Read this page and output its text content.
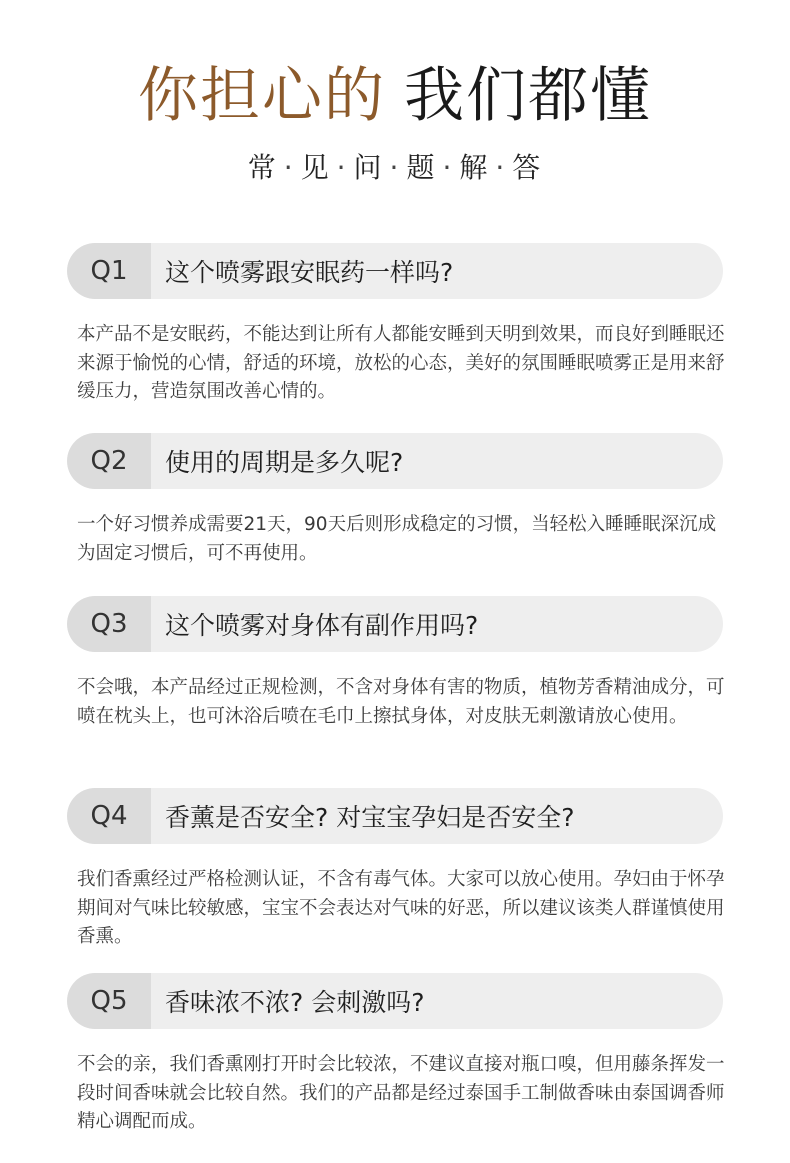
你担心的 我们都懂
常 · 见 · 问 · 题 · 解 · 答
Q1	这个喷雾跟安眠药一样吗?
本产品不是安眠药，不能达到让所有人都能安睡到天明到效果，而良好到睡眠还来源于愉悦的心情，舒适的环境，放松的心态，美好的氛围睡眠喷雾正是用来舒缓压力，营造氛围改善心情的。
Q2	使用的周期是多久呢?
一个好习惯养成需要21天，90天后则形成稳定的习惯，当轻松入睡睡眠深沉成为固定习惯后，可不再使用。
Q3	这个喷雾对身体有副作用吗?
不会哦，本产品经过正规检测，不含对身体有害的物质，植物芳香精油成分，可喷在枕头上，也可沐浴后喷在毛巾上擦拭身体，对皮肤无刺激请放心使用。
Q4	香薰是否安全? 对宝宝孕妇是否安全?
我们香熏经过严格检测认证，不含有毒气体。大家可以放心使用。孕妇由于怀孕期间对气味比较敏感，宝宝不会表达对气味的好恶，所以建议该类人群谨慎使用香熏。
Q5	香味浓不浓? 会刺激吗?
不会的亲，我们香熏刚打开时会比较浓，不建议直接对瓶口嗅，但用藤条挥发一段时间香味就会比较自然。我们的产品都是经过泰国手工制做香味由泰国调香师精心调配而成。
